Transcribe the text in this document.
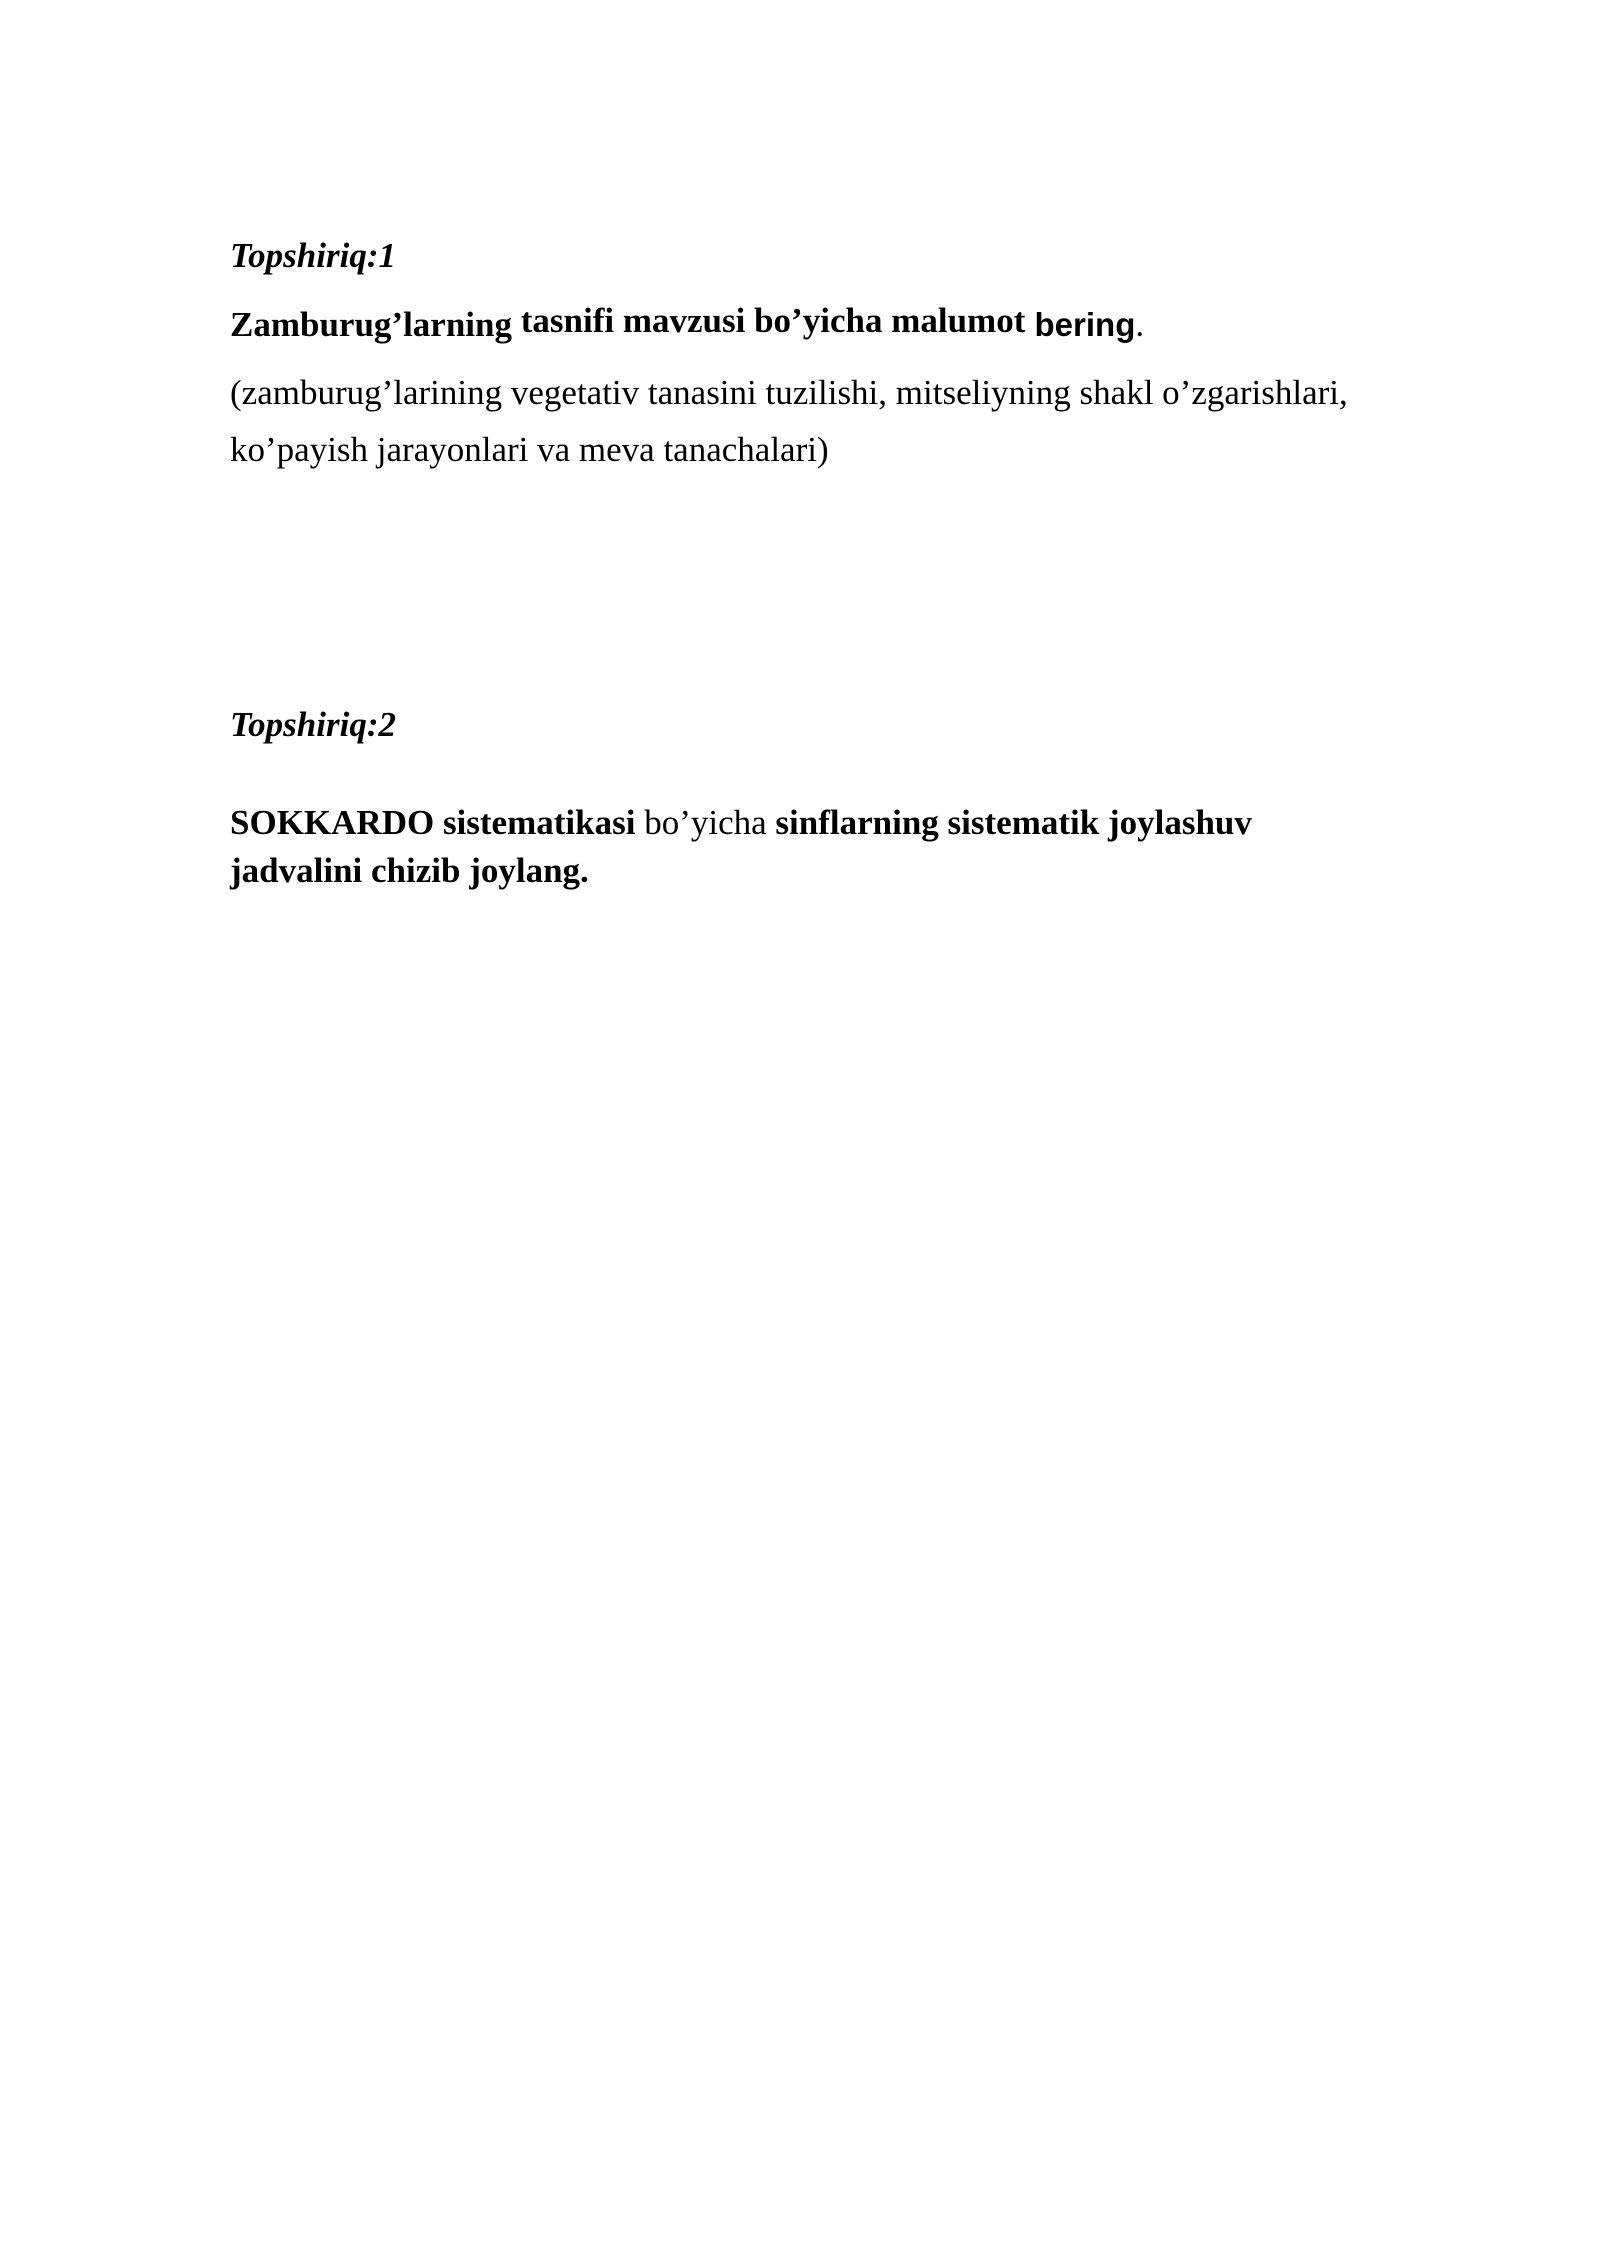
Topshiriq:1

Zamburug’larning tasnifi mavzusi bo’yicha malumot bering.

(zamburug’larining vegetativ tanasini tuzilishi, mitseliyning shakl o’zgarishlari,
ko’payish jarayonlari va meva tanachalari)

Topshiriq:2

SOKKARDO sistematikasi bo’yicha sinflarning sistematik joylashuv
jadvalini chizib joylang.
